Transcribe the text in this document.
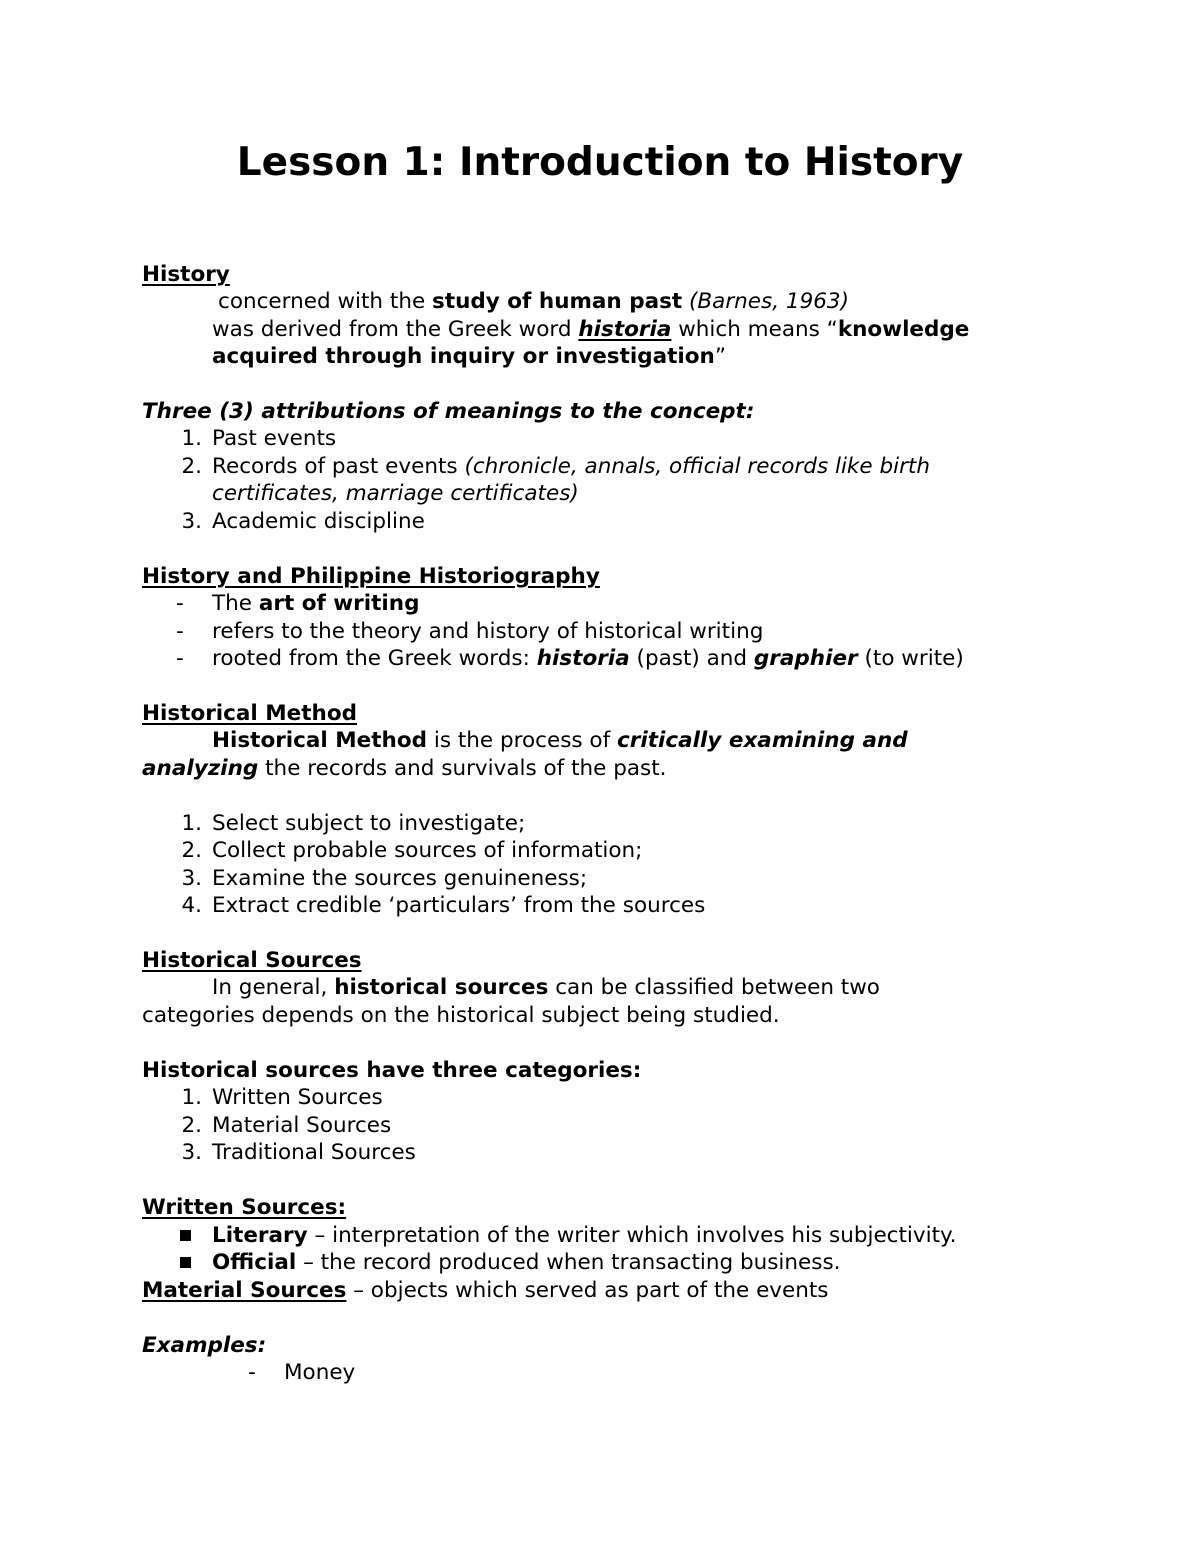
Lesson 1: Introduction to History
History
concerned with the study of human past (Barnes, 1963)
was derived from the Greek word historia which means “knowledge
acquired through inquiry or investigation”
Three (3) attributions of meanings to the concept:
1. Past events
2. Records of past events (chronicle, annals, official records like birth
certificates, marriage certificates)
3. Academic discipline
History and Philippine Historiography
- The art of writing
- refers to the theory and history of historical writing
- rooted from the Greek words: historia (past) and graphier (to write)
Historical Method
Historical Method is the process of critically examining and
analyzing the records and survivals of the past.
1. Select subject to investigate;
2. Collect probable sources of information;
3. Examine the sources genuineness;
4. Extract credible ‘particulars’ from the sources
Historical Sources
In general, historical sources can be classified between two
categories depends on the historical subject being studied.
Historical sources have three categories:
1. Written Sources
2. Material Sources
3. Traditional Sources
Written Sources:
Literary – interpretation of the writer which involves his subjectivity.
Official – the record produced when transacting business.
Material Sources – objects which served as part of the events
Examples:
- Money
